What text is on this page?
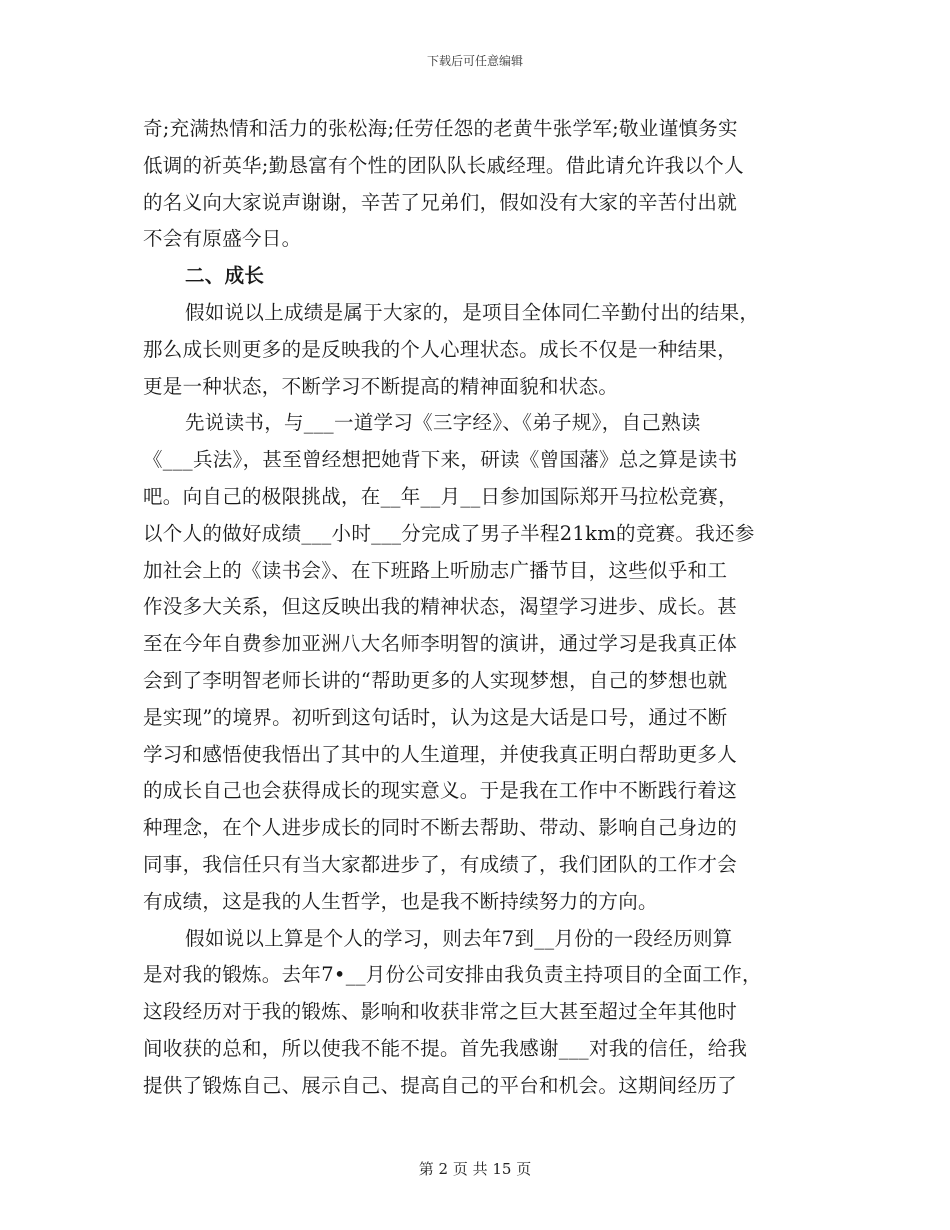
下载后可任意编辑
奇;充满热情和活力的张松海;任劳任怨的老黄牛张学军;敬业谨慎务实
低调的祈英华;勤恳富有个性的团队队长戚经理。借此请允许我以个人
的名义向大家说声谢谢，辛苦了兄弟们，假如没有大家的辛苦付出就
不会有原盛今日。
二、成长
假如说以上成绩是属于大家的，是项目全体同仁辛勤付出的结果，
那么成长则更多的是反映我的个人心理状态。成长不仅是一种结果，
更是一种状态，不断学习不断提高的精神面貌和状态。
先说读书，与___一道学习《三字经》、《弟子规》，自己熟读
《___兵法》，甚至曾经想把她背下来，研读《曾国藩》总之算是读书
吧。向自己的极限挑战，在__年__月__日参加国际郑开马拉松竞赛，
以个人的做好成绩___小时___分完成了男子半程21km的竞赛。我还参
加社会上的《读书会》、在下班路上听励志广播节目，这些似乎和工
作没多大关系，但这反映出我的精神状态，渴望学习进步、成长。甚
至在今年自费参加亚洲八大名师李明智的演讲，通过学习是我真正体
会到了李明智老师长讲的“帮助更多的人实现梦想，自己的梦想也就
是实现”的境界。初听到这句话时，认为这是大话是口号，通过不断
学习和感悟使我悟出了其中的人生道理，并使我真正明白帮助更多人
的成长自己也会获得成长的现实意义。于是我在工作中不断践行着这
种理念，在个人进步成长的同时不断去帮助、带动、影响自己身边的
同事，我信任只有当大家都进步了，有成绩了，我们团队的工作才会
有成绩，这是我的人生哲学，也是我不断持续努力的方向。
假如说以上算是个人的学习，则去年7到__月份的一段经历则算
是对我的锻炼。去年7•__月份公司安排由我负责主持项目的全面工作，
这段经历对于我的锻炼、影响和收获非常之巨大甚至超过全年其他时
间收获的总和，所以使我不能不提。首先我感谢___对我的信任，给我
提供了锻炼自己、展示自己、提高自己的平台和机会。这期间经历了
第 2 页 共 15 页
